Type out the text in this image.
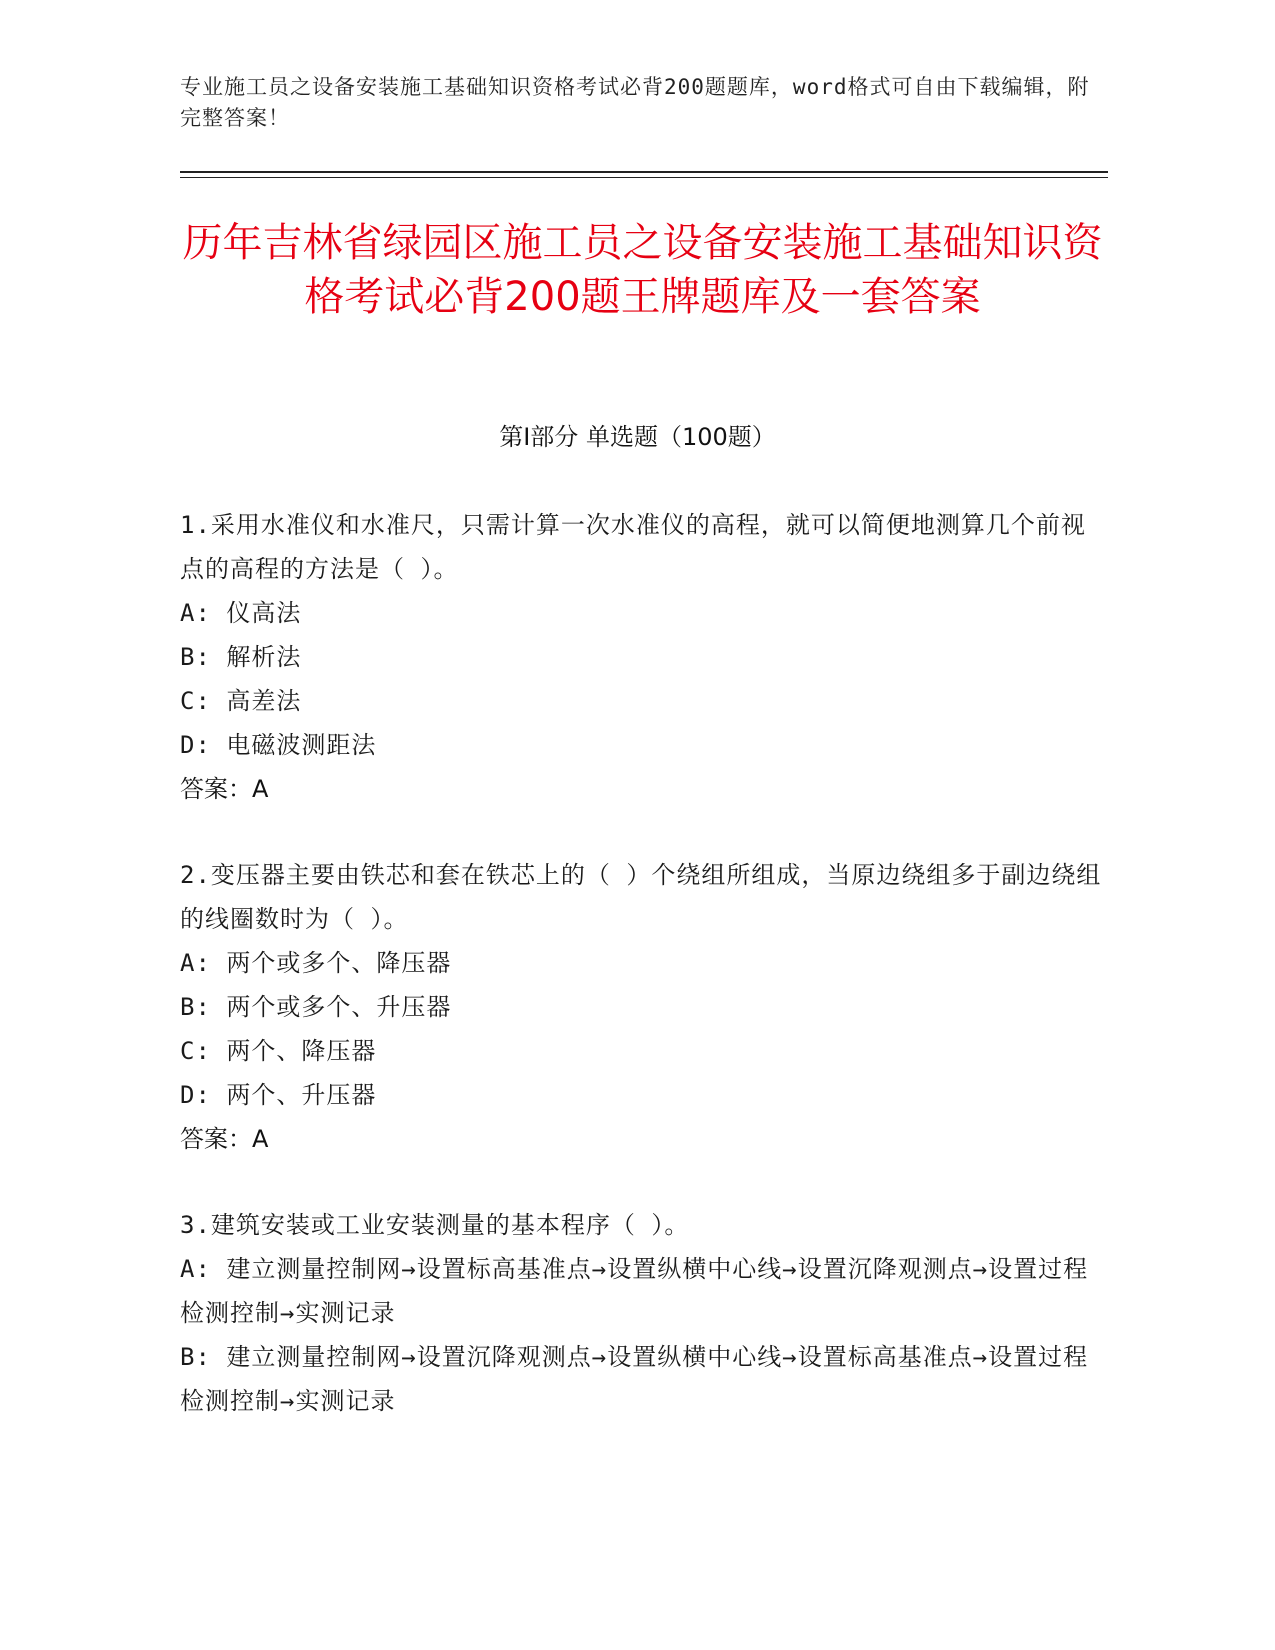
专业施工员之设备安装施工基础知识资格考试必背200题题库，word格式可自由下载编辑，附完整答案！
历年吉林省绿园区施工员之设备安装施工基础知识资格考试必背200题王牌题库及一套答案
第Ⅰ部分 单选题（100题）

1.采用水准仪和水准尺，只需计算一次水准仪的高程，就可以简便地测算几个前视点的高程的方法是（ ）。

A: 仪高法

B: 解析法

C: 高差法

D: 电磁波测距法

答案：A

2.变压器主要由铁芯和套在铁芯上的（ ）个绕组所组成，当原边绕组多于副边绕组的线圈数时为（ ）。

A: 两个或多个、降压器

B: 两个或多个、升压器

C: 两个、降压器

D: 两个、升压器

答案：A

3.建筑安装或工业安装测量的基本程序（ ）。

A: 建立测量控制网→设置标高基准点→设置纵横中心线→设置沉降观测点→设置过程检测控制→实测记录

B: 建立测量控制网→设置沉降观测点→设置纵横中心线→设置标高基准点→设置过程检测控制→实测记录
